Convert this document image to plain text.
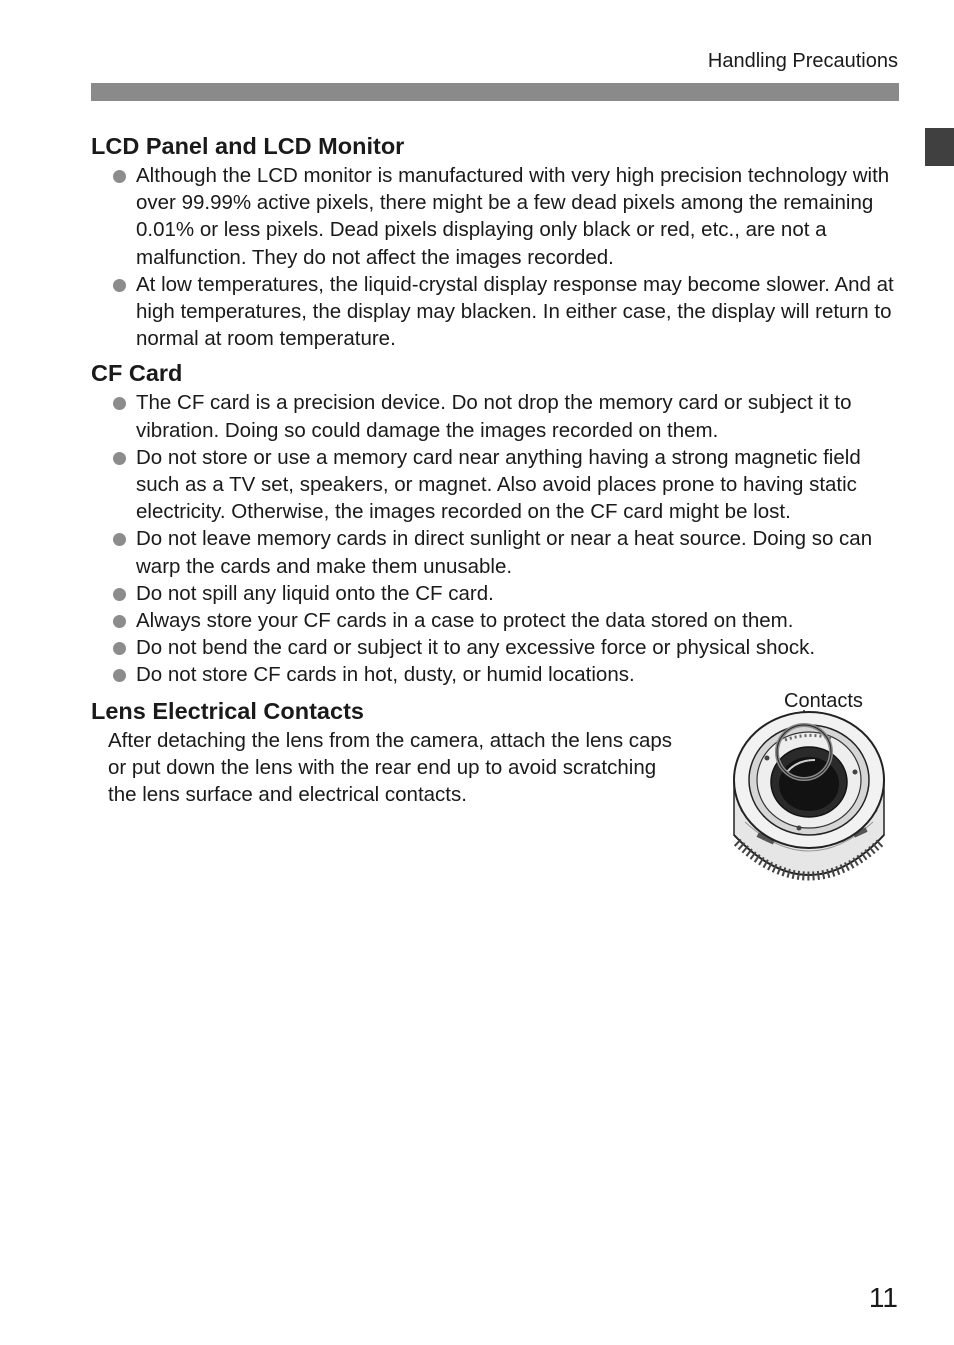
Handling Precautions
LCD Panel and LCD Monitor
Although the LCD monitor is manufactured with very high precision technology with over 99.99% active pixels, there might be a few dead pixels among the remaining 0.01% or less pixels. Dead pixels displaying only black or red, etc., are not a malfunction. They do not affect the images recorded.
At low temperatures, the liquid-crystal display response may become slower. And at high temperatures, the display may blacken. In either case, the display will return to normal at room temperature.
CF Card
The CF card is a precision device. Do not drop the memory card or subject it to vibration. Doing so could damage the images recorded on them.
Do not store or use a memory card near anything having a strong magnetic field such as a TV set, speakers, or magnet. Also avoid places prone to having static electricity. Otherwise, the images recorded on the CF card might be lost.
Do not leave memory cards in direct sunlight or near a heat source. Doing so can warp the cards and make them unusable.
Do not spill any liquid onto the CF card.
Always store your CF cards in a case to protect the data stored on them.
Do not bend the card or subject it to any excessive force or physical shock.
Do not store CF cards in hot, dusty, or humid locations.
Lens Electrical Contacts

After detaching the lens from the camera, attach the lens caps or put down the lens with the rear end up to avoid scratching the lens surface and electrical contacts.

Contacts
11
